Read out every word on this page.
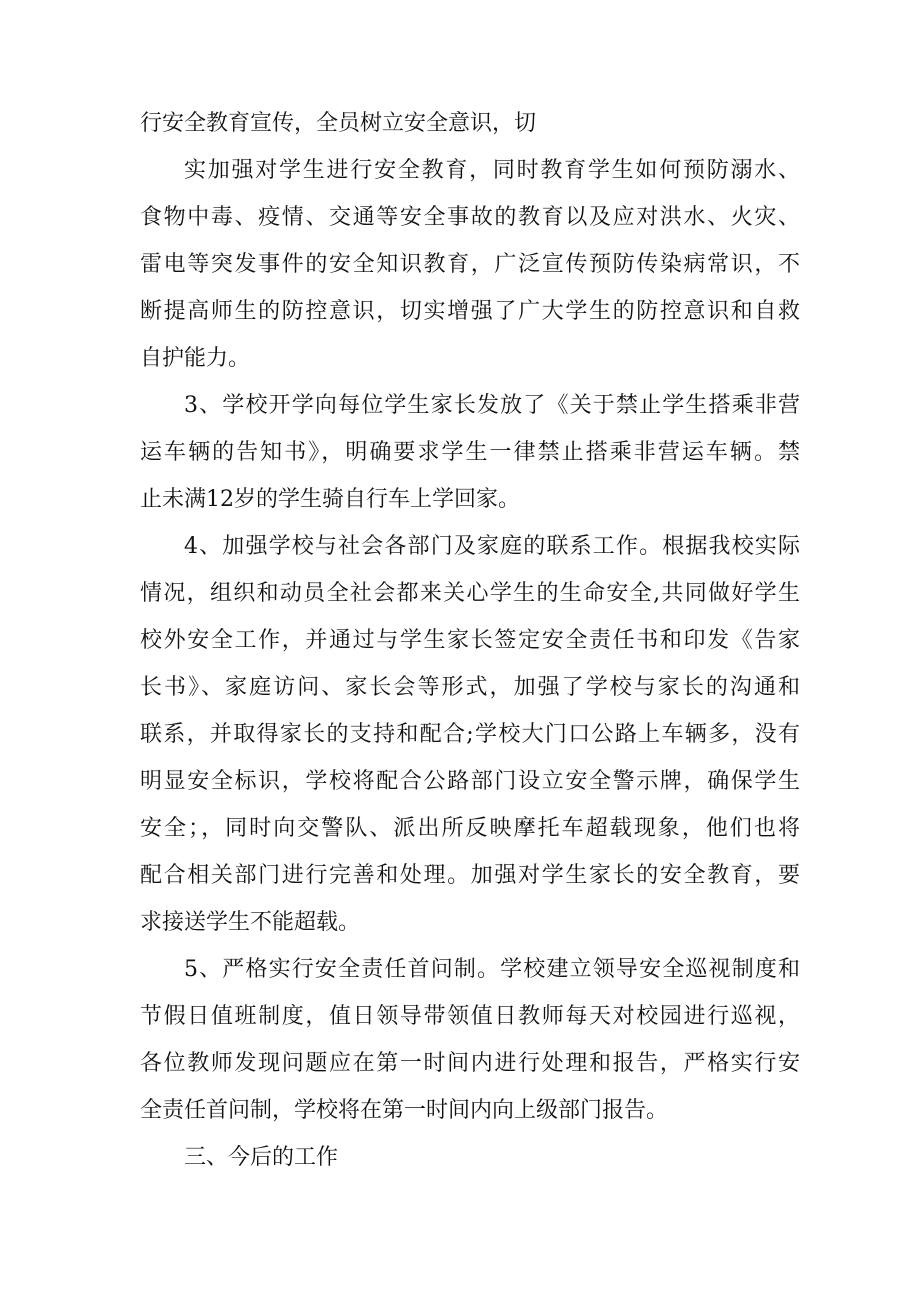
行安全教育宣传，全员树立安全意识，切
实加强对学生进行安全教育，同时教育学生如何预防溺水、
食物中毒、疫情、交通等安全事故的教育以及应对洪水、火灾、
雷电等突发事件的安全知识教育，广泛宣传预防传染病常识，不
断提高师生的防控意识，切实增强了广大学生的防控意识和自救
自护能力。
3、学校开学向每位学生家长发放了《关于禁止学生搭乘非营
运车辆的告知书》，明确要求学生一律禁止搭乘非营运车辆。禁
止未满12岁的学生骑自行车上学回家。
4、加强学校与社会各部门及家庭的联系工作。根据我校实际
情况，组织和动员全社会都来关心学生的生命安全,共同做好学生
校外安全工作，并通过与学生家长签定安全责任书和印发《告家
长书》、家庭访问、家长会等形式，加强了学校与家长的沟通和
联系，并取得家长的支持和配合;学校大门口公路上车辆多，没有
明显安全标识，学校将配合公路部门设立安全警示牌，确保学生
安全；，同时向交警队、派出所反映摩托车超载现象，他们也将
配合相关部门进行完善和处理。加强对学生家长的安全教育，要
求接送学生不能超载。
5、严格实行安全责任首问制。学校建立领导安全巡视制度和
节假日值班制度，值日领导带领值日教师每天对校园进行巡视，
各位教师发现问题应在第一时间内进行处理和报告，严格实行安
全责任首问制，学校将在第一时间内向上级部门报告。
三、今后的工作
